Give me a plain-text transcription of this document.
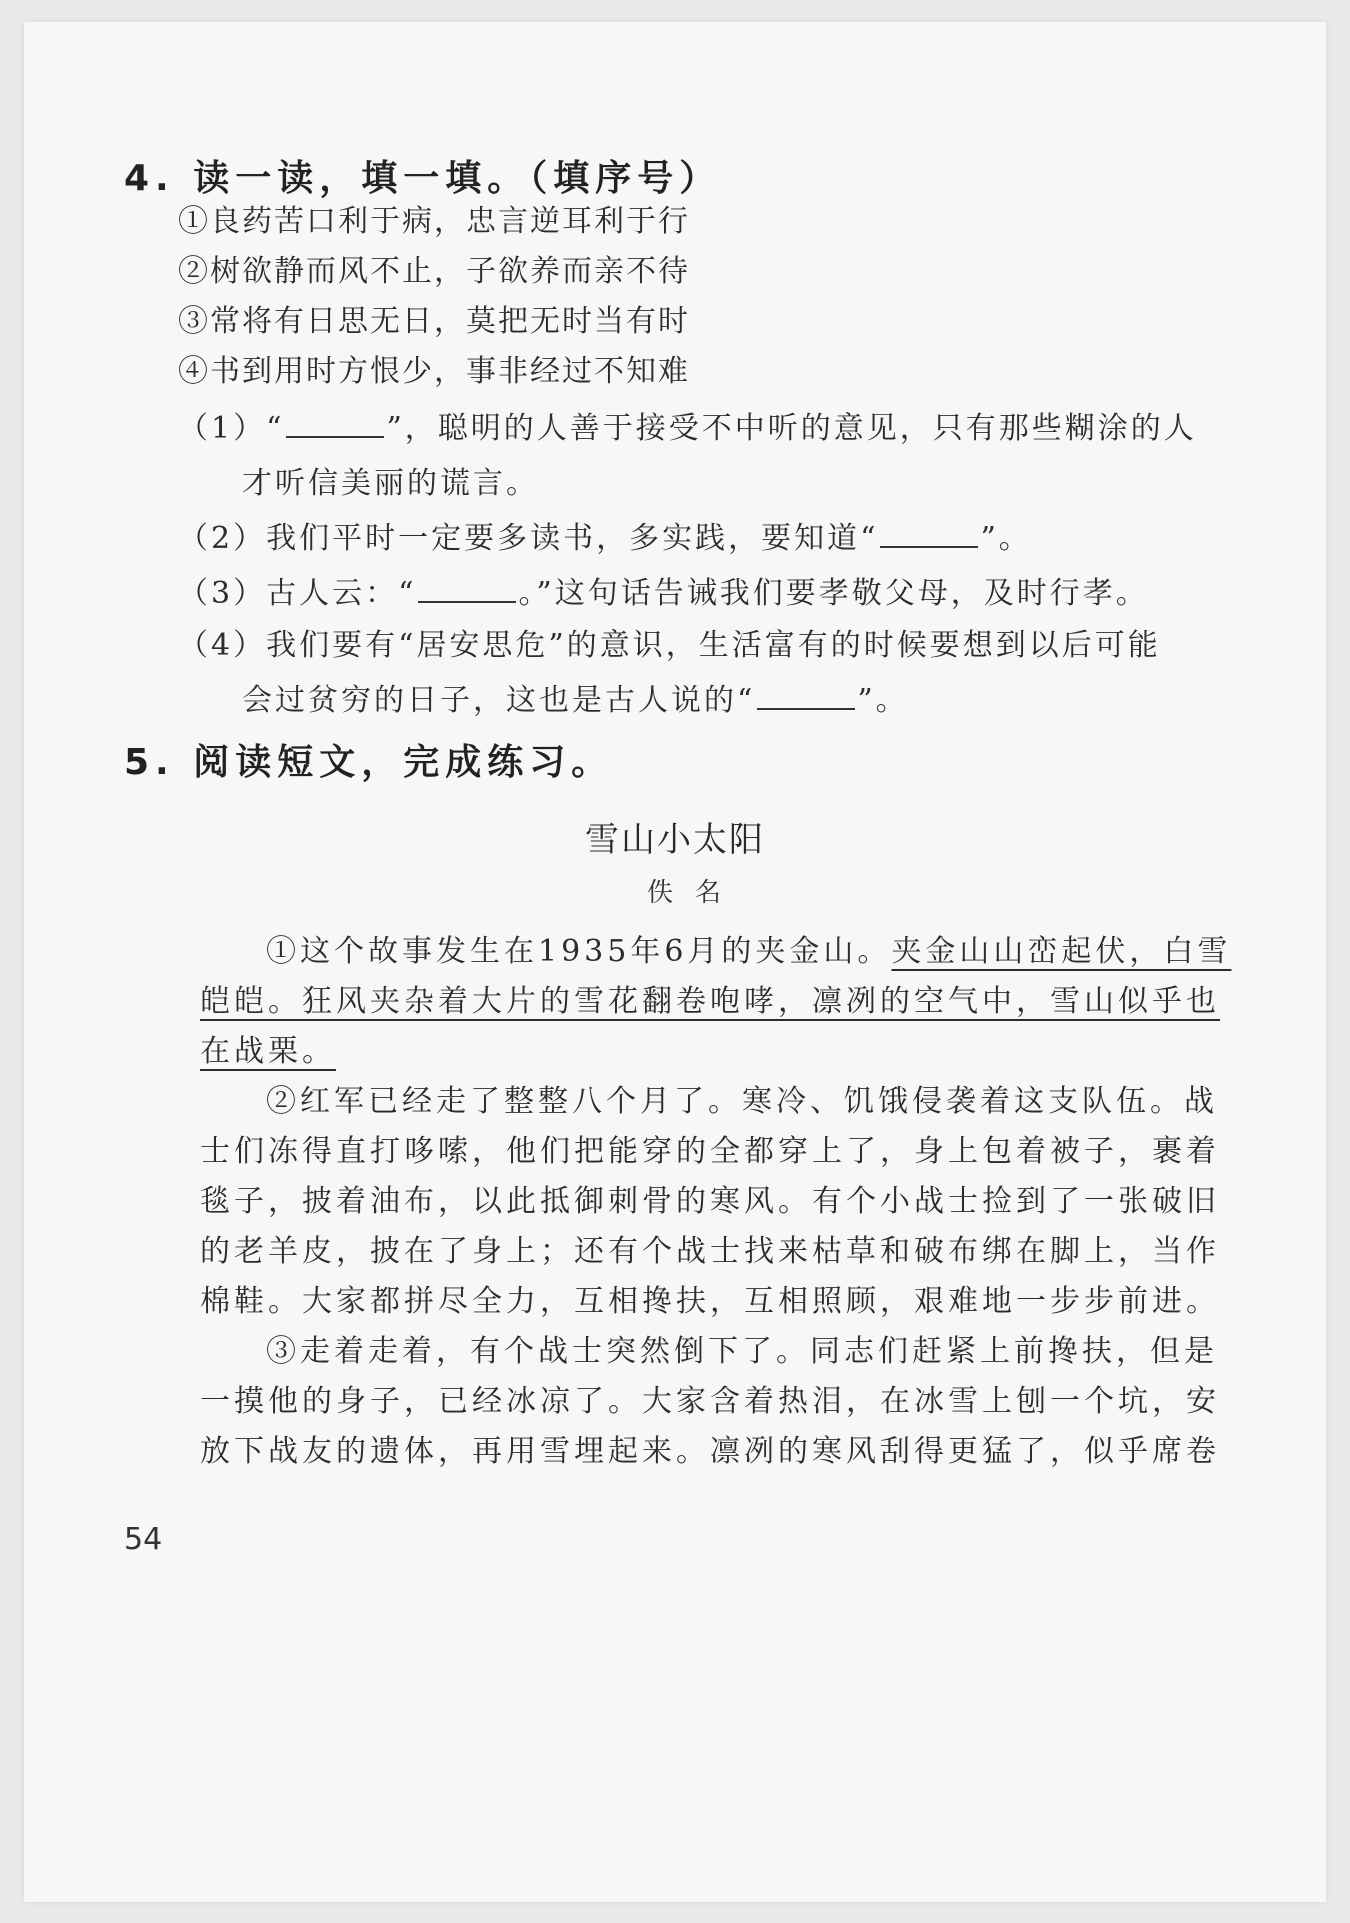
4. 读一读，填一填。（填序号）
①良药苦口利于病，忠言逆耳利于行
②树欲静而风不止，子欲养而亲不待
③常将有日思无日，莫把无时当有时
④书到用时方恨少，事非经过不知难
（1）“	”，聪明的人善于接受不中听的意见，只有那些糊涂的人
才听信美丽的谎言。
（2）我们平时一定要多读书，多实践，要知道“	”。
（3）古人云：“	。”这句话告诫我们要孝敬父母，及时行孝。
（4）我们要有“居安思危”的意识，生活富有的时候要想到以后可能
会过贫穷的日子，这也是古人说的“	”。
5. 阅读短文，完成练习。
雪山小太阳
佚名
①这个故事发生在1935年6月的夹金山。夹金山山峦起伏，白雪
皑皑。狂风夹杂着大片的雪花翻卷咆哮，凛冽的空气中，雪山似乎也
在战栗。
②红军已经走了整整八个月了。寒冷、饥饿侵袭着这支队伍。战
士们冻得直打哆嗦，他们把能穿的全都穿上了，身上包着被子，裹着
毯子，披着油布，以此抵御刺骨的寒风。有个小战士捡到了一张破旧
的老羊皮，披在了身上；还有个战士找来枯草和破布绑在脚上，当作
棉鞋。大家都拼尽全力，互相搀扶，互相照顾，艰难地一步步前进。
③走着走着，有个战士突然倒下了。同志们赶紧上前搀扶，但是
一摸他的身子，已经冰凉了。大家含着热泪，在冰雪上刨一个坑，安
放下战友的遗体，再用雪埋起来。凛冽的寒风刮得更猛了，似乎席卷
54
